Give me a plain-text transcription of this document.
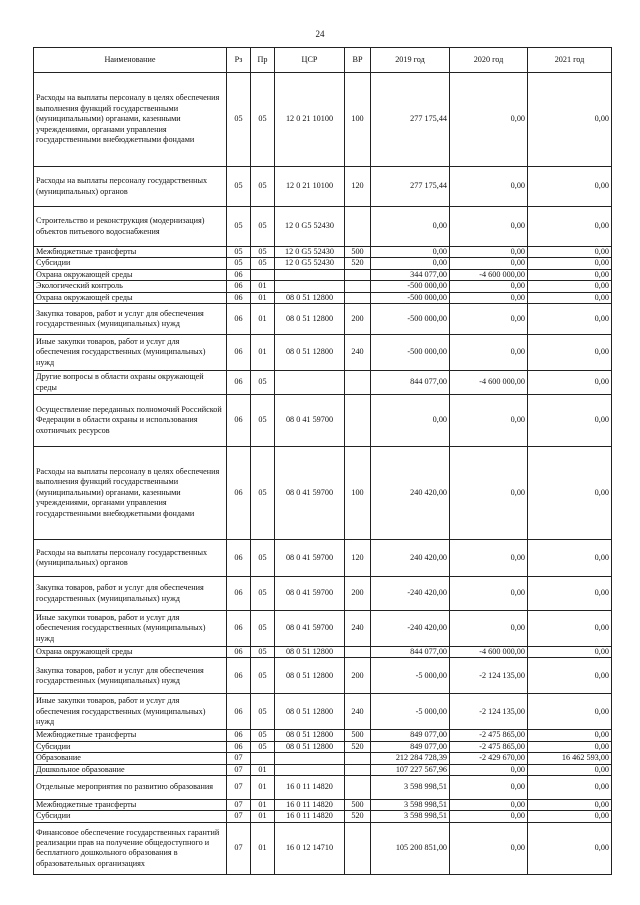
24
Наименование	Рз	Пр	ЦСР	ВР	2019 год	2020 год	2021 год
Расходы на выплаты персоналу в целях обеспечения выполнения функций государственными (муниципальными) органами, казенными учреждениями, органами управления государственными внебюджетными фондами	05	05	12 0 21 10100	100	277 175,44	0,00	0,00
Расходы на выплаты персоналу государственных (муниципальных) органов	05	05	12 0 21 10100	120	277 175,44	0,00	0,00
Строительство и реконструкция (модернизация) объектов питьевого водоснабжения	05	05	12 0 G5 52430		0,00	0,00	0,00
Межбюджетные трансферты	05	05	12 0 G5 52430	500	0,00	0,00	0,00
Субсидии	05	05	12 0 G5 52430	520	0,00	0,00	0,00
Охрана окружающей среды	06				344 077,00	-4 600 000,00	0,00
Экологический контроль	06	01			-500 000,00	0,00	0,00
Охрана окружающей среды	06	01	08 0 51 12800		-500 000,00	0,00	0,00
Закупка товаров, работ и услуг для обеспечения государственных (муниципальных) нужд	06	01	08 0 51 12800	200	-500 000,00	0,00	0,00
Иные закупки товаров, работ и услуг для обеспечения государственных (муниципальных) нужд	06	01	08 0 51 12800	240	-500 000,00	0,00	0,00
Другие вопросы в области охраны окружающей среды	06	05			844 077,00	-4 600 000,00	0,00
Осуществление переданных полномочий Российской Федерации в области охраны и использования охотничьих ресурсов	06	05	08 0 41 59700		0,00	0,00	0,00
Расходы на выплаты персоналу в целях обеспечения выполнения функций государственными (муниципальными) органами, казенными учреждениями, органами управления государственными внебюджетными фондами	06	05	08 0 41 59700	100	240 420,00	0,00	0,00
Расходы на выплаты персоналу государственных (муниципальных) органов	06	05	08 0 41 59700	120	240 420,00	0,00	0,00
Закупка товаров, работ и услуг для обеспечения государственных (муниципальных) нужд	06	05	08 0 41 59700	200	-240 420,00	0,00	0,00
Иные закупки товаров, работ и услуг для обеспечения государственных (муниципальных) нужд	06	05	08 0 41 59700	240	-240 420,00	0,00	0,00
Охрана окружающей среды	06	05	08 0 51 12800		844 077,00	-4 600 000,00	0,00
Закупка товаров, работ и услуг для обеспечения государственных (муниципальных) нужд	06	05	08 0 51 12800	200	-5 000,00	-2 124 135,00	0,00
Иные закупки товаров, работ и услуг для обеспечения государственных (муниципальных) нужд	06	05	08 0 51 12800	240	-5 000,00	-2 124 135,00	0,00
Межбюджетные трансферты	06	05	08 0 51 12800	500	849 077,00	-2 475 865,00	0,00
Субсидии	06	05	08 0 51 12800	520	849 077,00	-2 475 865,00	0,00
Образование	07				212 284 728,39	-2 429 670,00	16 462 593,00
Дошкольное образование	07	01			107 227 567,96	0,00	0,00
Отдельные мероприятия по развитию образования	07	01	16 0 11 14820		3 598 998,51	0,00	0,00
Межбюджетные трансферты	07	01	16 0 11 14820	500	3 598 998,51	0,00	0,00
Субсидии	07	01	16 0 11 14820	520	3 598 998,51	0,00	0,00
Финансовое обеспечение государственных гарантий реализации прав на получение общедоступного и бесплатного дошкольного образования в образовательных организациях	07	01	16 0 12 14710		105 200 851,00	0,00	0,00
